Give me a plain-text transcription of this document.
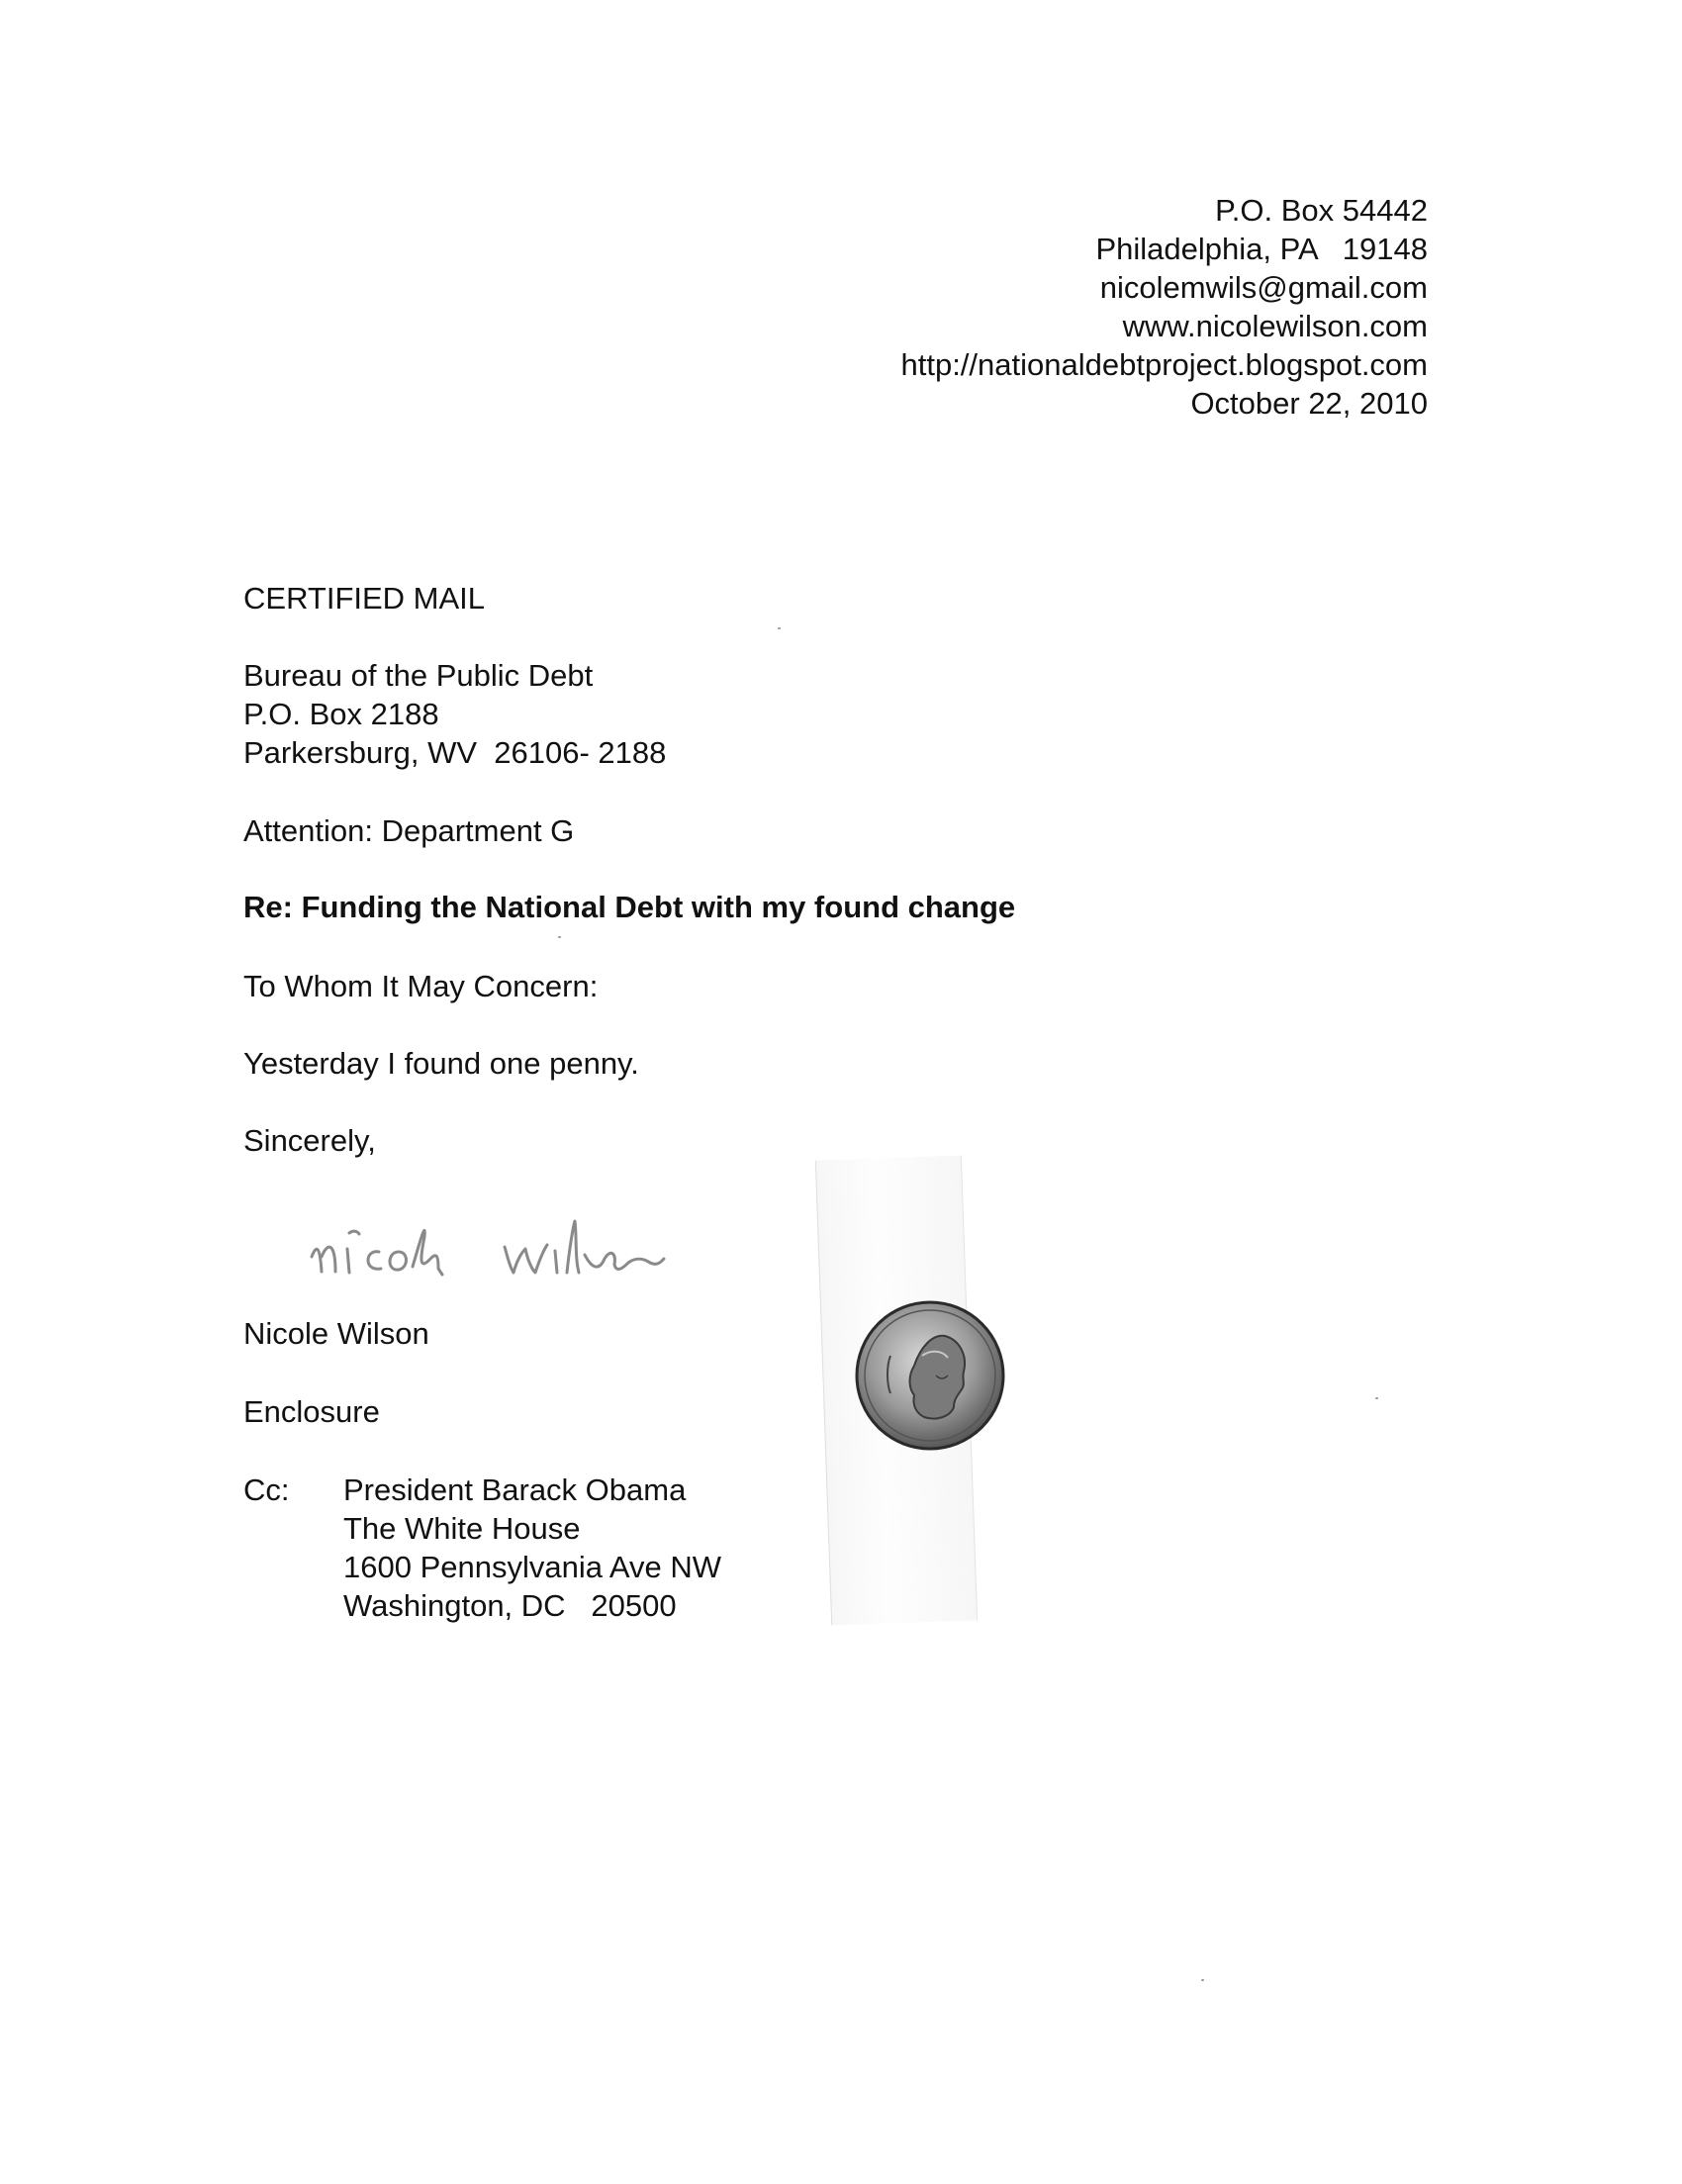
P.O. Box 54442
Philadelphia, PA   19148
nicolemwils@gmail.com
www.nicolewilson.com
http://nationaldebtproject.blogspot.com
October 22, 2010
CERTIFIED MAIL
Bureau of the Public Debt
P.O. Box 2188
Parkersburg, WV  26106- 2188
Attention: Department G
Re: Funding the National Debt with my found change
To Whom It May Concern:
Yesterday I found one penny.
Sincerely,
Nicole Wilson
Enclosure
Cc: President Barack Obama
The White House
1600 Pennsylvania Ave NW
Washington, DC   20500
